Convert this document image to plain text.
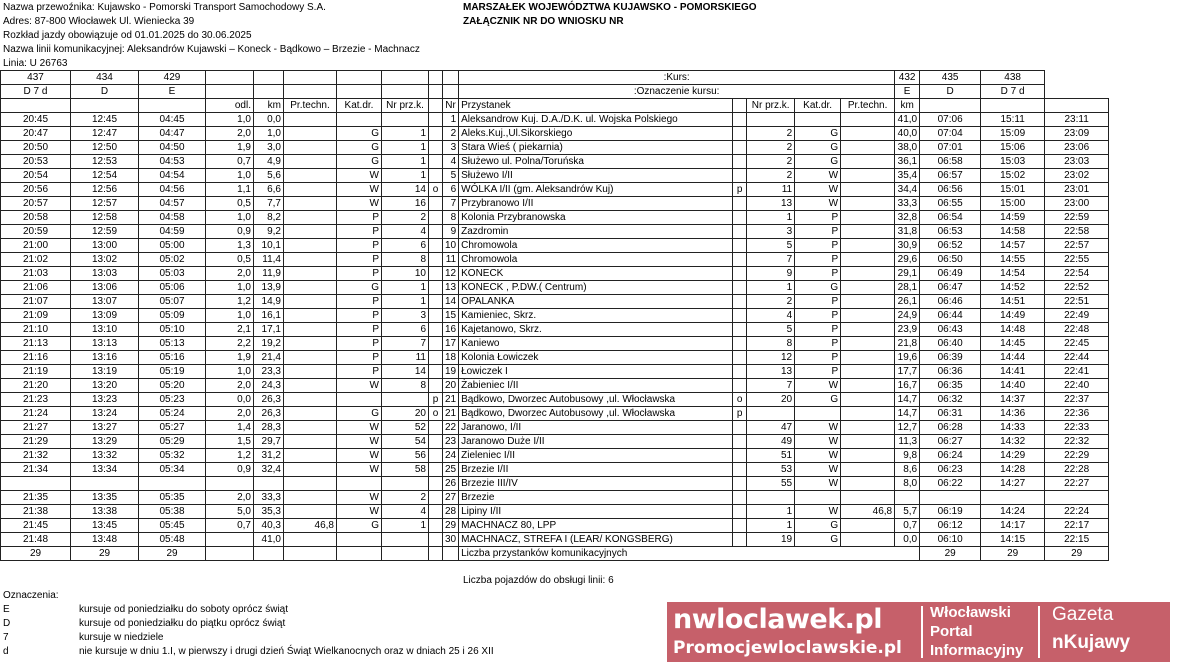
Nazwa przewoźnika: Kujawsko - Pomorski Transport Samochodowy S.A.
Adres: 87-800 Włocławek Ul. Wieniecka 39
Rozkład jazdy obowiązuje od 01.01.2025 do 30.06.2025
Nazwa linii komunikacyjnej: Aleksandrów Kujawski – Koneck - Bądkowo – Brzezie - Machnacz
Linia: U 26763
MARSZAŁEK WOJEWÓDZTWA KUJAWSKO - POMORSKIEGO
ZAŁĄCZNIK NR DO WNIOSKU NR
437	434	429								:Kurs:					432	435	438	
D 7 d	D	E								:Oznaczenie kursu:					E	D	D 7 d	
			odl.	km	Pr.techn.	Kat.dr.	Nr prz.k.		Nr	Przystanek		Nr prz.k.	Kat.dr.	Pr.techn.	km			
20:45	12:45	04:45	1,0	0,0					1	Aleksandrow Kuj. D.A./D.K. ul. Wojska Polskiego					41,0	07:06	15:11	23:11
20:47	12:47	04:47	2,0	1,0		G	1		2	Aleks.Kuj.,Ul.Sikorskiego		2	G		40,0	07:04	15:09	23:09
20:50	12:50	04:50	1,9	3,0		G	1		3	Stara Wieś ( piekarnia)		2	G		38,0	07:01	15:06	23:06
20:53	12:53	04:53	0,7	4,9		G	1		4	Służewo ul. Polna/Toruńska		2	G		36,1	06:58	15:03	23:03
20:54	12:54	04:54	1,0	5,6		W	1		5	Służewo I/II		2	W		35,4	06:57	15:02	23:02
20:56	12:56	04:56	1,1	6,6		W	14	o	6	WÓLKA I/II (gm. Aleksandrów Kuj)	p	11	W		34,4	06:56	15:01	23:01
20:57	12:57	04:57	0,5	7,7		W	16		7	Przybranowo I/II		13	W		33,3	06:55	15:00	23:00
20:58	12:58	04:58	1,0	8,2		P	2		8	Kolonia Przybranowska		1	P		32,8	06:54	14:59	22:59
20:59	12:59	04:59	0,9	9,2		P	4		9	Zazdromin		3	P		31,8	06:53	14:58	22:58
21:00	13:00	05:00	1,3	10,1		P	6		10	Chromowola		5	P		30,9	06:52	14:57	22:57
21:02	13:02	05:02	0,5	11,4		P	8		11	Chromowola		7	P		29,6	06:50	14:55	22:55
21:03	13:03	05:03	2,0	11,9		P	10		12	KONECK		9	P		29,1	06:49	14:54	22:54
21:06	13:06	05:06	1,0	13,9		G	1		13	KONECK , P.DW.( Centrum)		1	G		28,1	06:47	14:52	22:52
21:07	13:07	05:07	1,2	14,9		P	1		14	OPALANKA		2	P		26,1	06:46	14:51	22:51
21:09	13:09	05:09	1,0	16,1		P	3		15	Kamieniec, Skrz.		4	P		24,9	06:44	14:49	22:49
21:10	13:10	05:10	2,1	17,1		P	6		16	Kajetanowo, Skrz.		5	P		23,9	06:43	14:48	22:48
21:13	13:13	05:13	2,2	19,2		P	7		17	Kaniewo		8	P		21,8	06:40	14:45	22:45
21:16	13:16	05:16	1,9	21,4		P	11		18	Kolonia Łowiczek		12	P		19,6	06:39	14:44	22:44
21:19	13:19	05:19	1,0	23,3		P	14		19	Łowiczek I		13	P		17,7	06:36	14:41	22:41
21:20	13:20	05:20	2,0	24,3		W	8		20	Żabieniec I/II		7	W		16,7	06:35	14:40	22:40
21:23	13:23	05:23	0,0	26,3				p	21	Bądkowo, Dworzec Autobusowy ,ul. Włocławska	o	20	G		14,7	06:32	14:37	22:37
21:24	13:24	05:24	2,0	26,3		G	20	o	21	Bądkowo, Dworzec Autobusowy ,ul. Włocławska	p				14,7	06:31	14:36	22:36
21:27	13:27	05:27	1,4	28,3		W	52		22	Jaranowo, I/II		47	W		12,7	06:28	14:33	22:33
21:29	13:29	05:29	1,5	29,7		W	54		23	Jaranowo Duże I/II		49	W		11,3	06:27	14:32	22:32
21:32	13:32	05:32	1,2	31,2		W	56		24	Zieleniec I/II		51	W		9,8	06:24	14:29	22:29
21:34	13:34	05:34	0,9	32,4		W	58		25	Brzezie I/II		53	W		8,6	06:23	14:28	22:28
									26	Brzezie III/IV		55	W		8,0	06:22	14:27	22:27
21:35	13:35	05:35	2,0	33,3		W	2		27	Brzezie								
21:38	13:38	05:38	5,0	35,3		W	4		28	Lipiny I/II		1	W	46,8	5,7	06:19	14:24	22:24
21:45	13:45	05:45	0,7	40,3	46,8	G	1		29	MACHNACZ 80, LPP		1	G		0,7	06:12	14:17	22:17
21:48	13:48	05:48		41,0					30	MACHNACZ, STREFA I (LEAR/ KONGSBERG)		19	G		0,0	06:10	14:15	22:15
29	29	29								Liczba przystanków komunikacyjnych						29	29	29
Liczba pojazdów do obsługi linii: 6
Oznaczenia:
E	kursuje od poniedziałku do soboty oprócz świąt
D	kursuje od poniedziałku do piątku oprócz świąt
7	kursuje w niedziele
d	nie kursuje w dniu 1.I, w pierwszy i drugi dzień Świąt Wielkanocnych oraz w dniach 25 i 26 XII
nwloclawek.pl
Promocjewloclawskie.pl
Włocławski
Portal
Informacyjny
Gazeta
nKujawy
